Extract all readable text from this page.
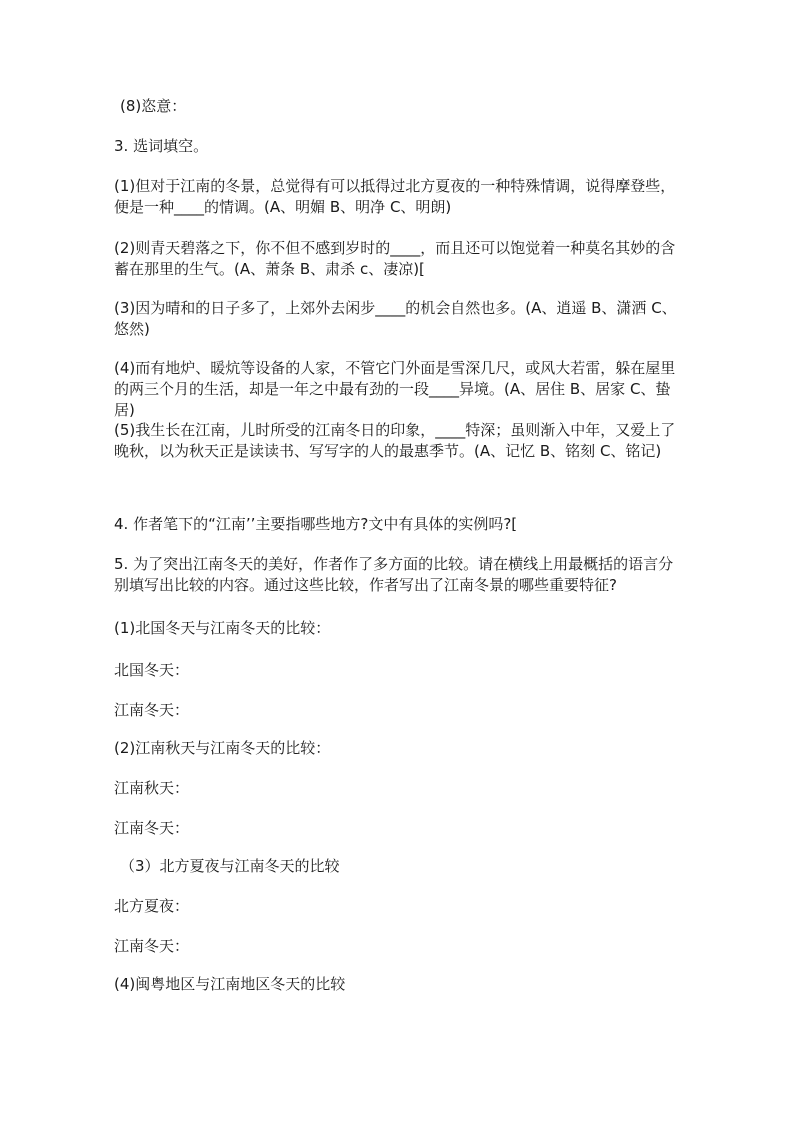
(8)恣意：
3. 选词填空。
(1)但对于江南的冬景，总觉得有可以抵得过北方夏夜的一种特殊情调，说得摩登些，便是一种____的情调。(A、明媚 B、明净 C、明朗)
(2)则青天碧落之下，你不但不感到岁时的____，而且还可以饱觉着一种莫名其妙的含蓄在那里的生气。(A、萧条 B、肃杀 c、凄凉)[
(3)因为晴和的日子多了，上郊外去闲步____的机会自然也多。(A、逍遥 B、潇洒 C、悠然)
(4)而有地炉、暖炕等设备的人家，不管它门外面是雪深几尺，或风大若雷，躲在屋里的两三个月的生活，却是一年之中最有劲的一段____异境。(A、居住 B、居家 C、蛰居)
(5)我生长在江南，儿时所受的江南冬日的印象，____特深；虽则渐入中年，又爱上了晚秋，以为秋天正是读读书、写写字的人的最惠季节。(A、记忆 B、铭刻 C、铭记)
4. 作者笔下的“江南’’主要指哪些地方?文中有具体的实例吗?[
5. 为了突出江南冬天的美好，作者作了多方面的比较。请在横线上用最概括的语言分别填写出比较的内容。通过这些比较，作者写出了江南冬景的哪些重要特征?
(1)北国冬天与江南冬天的比较：
北国冬天：
江南冬天：
(2)江南秋天与江南冬天的比较：
江南秋天：
江南冬天：
（3）北方夏夜与江南冬天的比较
北方夏夜：
江南冬天：
(4)闽粤地区与江南地区冬天的比较
